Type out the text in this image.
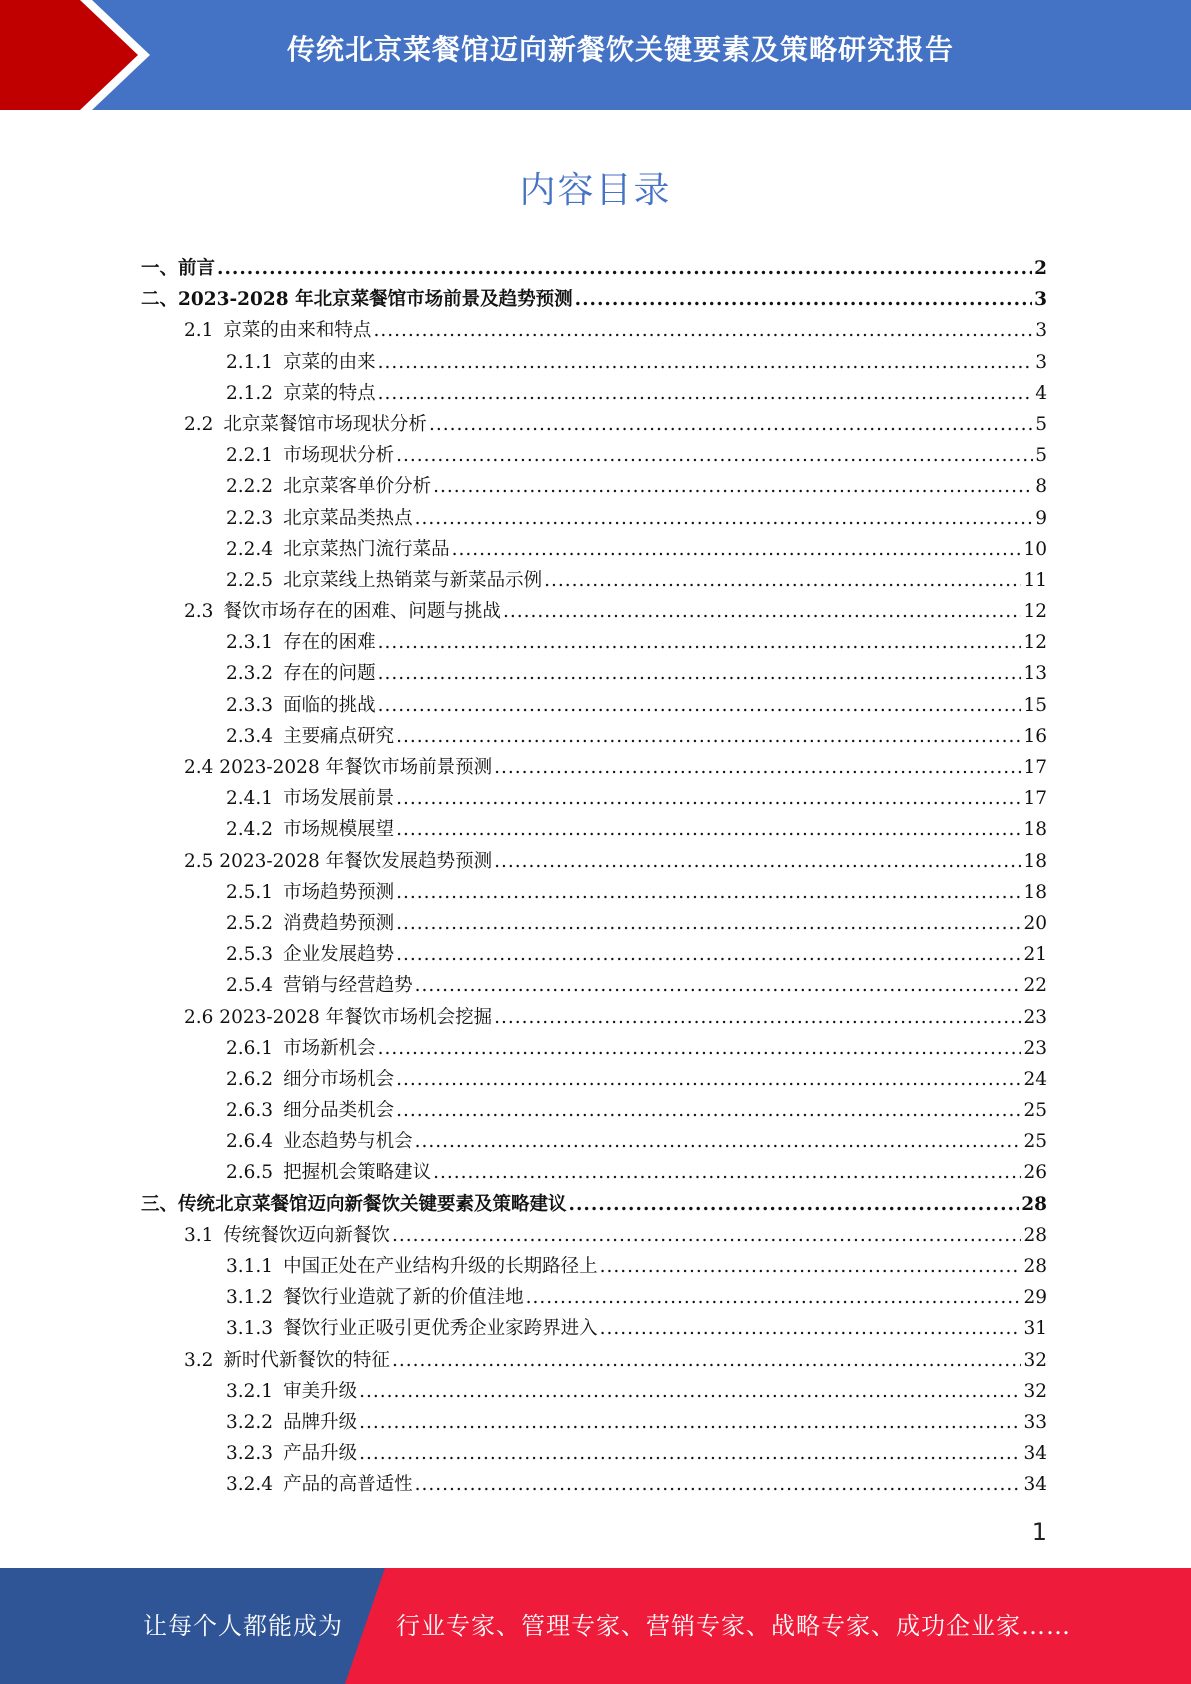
传统北京菜餐馆迈向新餐饮关键要素及策略研究报告
内容目录
一、 前言 .....	2
二、 2023-2028 年北京菜餐馆市场前景及趋势预测 .....	3
2.1 京菜的由来和特点 .....	3
2.1.1 京菜的由来 .....	3
2.1.2 京菜的特点 .....	4
2.2 北京菜餐馆市场现状分析 .....	5
2.2.1 市场现状分析 .....	5
2.2.2 北京菜客单价分析 .....	8
2.2.3 北京菜品类热点 .....	9
2.2.4 北京菜热门流行菜品 .....	10
2.2.5 北京菜线上热销菜与新菜品示例 .....	11
2.3 餐饮市场存在的困难、问题与挑战 .....	12
2.3.1 存在的困难 .....	12
2.3.2 存在的问题 .....	13
2.3.3 面临的挑战 .....	15
2.3.4 主要痛点研究 .....	16
2.4 2023-2028 年餐饮市场前景预测 .....	17
2.4.1 市场发展前景 .....	17
2.4.2 市场规模展望 .....	18
2.5 2023-2028 年餐饮发展趋势预测 .....	18
2.5.1 市场趋势预测 .....	18
2.5.2 消费趋势预测 .....	20
2.5.3 企业发展趋势 .....	21
2.5.4 营销与经营趋势 .....	22
2.6 2023-2028 年餐饮市场机会挖掘 .....	23
2.6.1 市场新机会 .....	23
2.6.2 细分市场机会 .....	24
2.6.3 细分品类机会 .....	25
2.6.4 业态趋势与机会 .....	25
2.6.5 把握机会策略建议 .....	26
三、 传统北京菜餐馆迈向新餐饮关键要素及策略建议 .....	28
3.1 传统餐饮迈向新餐饮 .....	28
3.1.1 中国正处在产业结构升级的长期路径上 .....	28
3.1.2 餐饮行业造就了新的价值洼地 .....	29
3.1.3 餐饮行业正吸引更优秀企业家跨界进入 .....	31
3.2 新时代新餐饮的特征 .....	32
3.2.1 审美升级 .....	32
3.2.2 品牌升级 .....	33
3.2.3 产品升级 .....	34
3.2.4 产品的高普适性 .....	34
1
让每个人都能成为 行业专家、管理专家、营销专家、战略专家、成功企业家……
